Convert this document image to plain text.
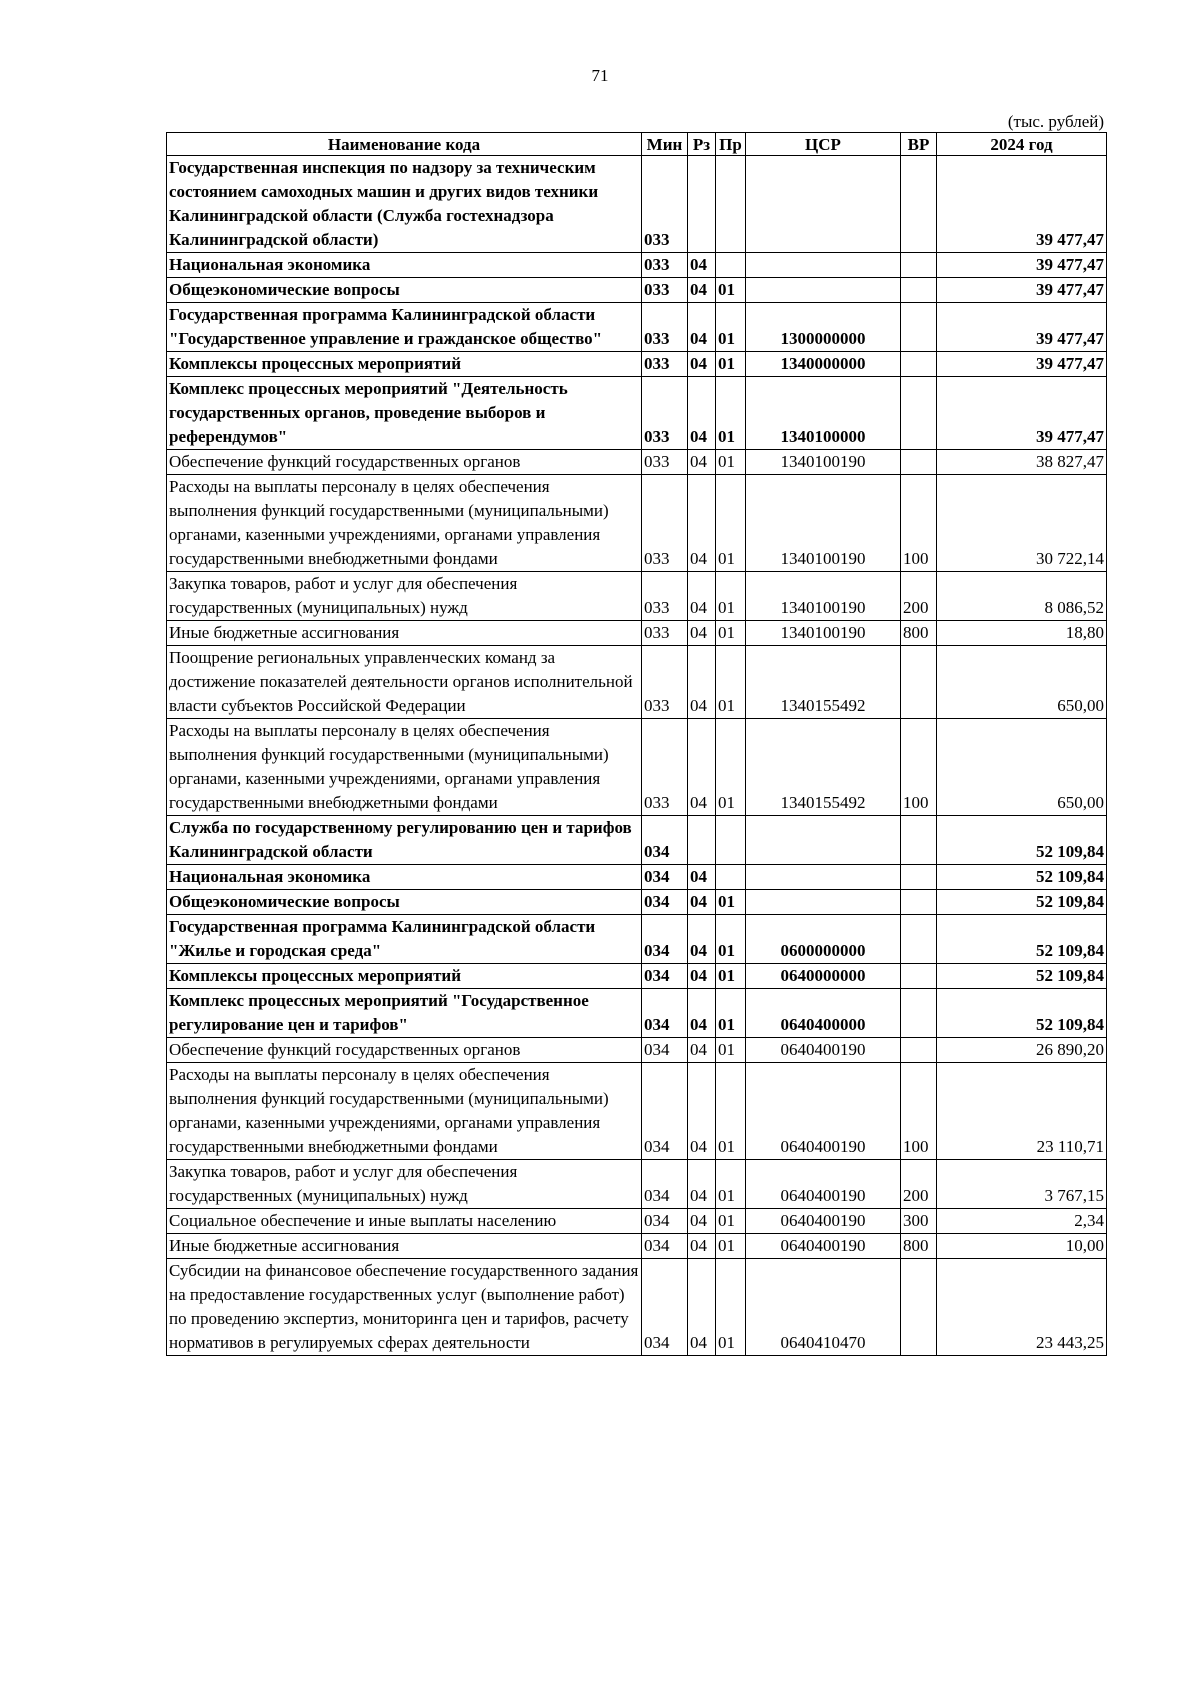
71
(тыс. рублей)
Наименование кода	Мин	Рз	Пр	ЦСР	ВР	2024 год
Государственная инспекция по надзору за техническим состоянием самоходных машин и других видов техники Калининградской области (Служба гостехнадзора Калининградской области)	033					39 477,47
Национальная экономика	033	04				39 477,47
Общеэкономические вопросы	033	04	01			39 477,47
Государственная программа Калининградской области "Государственное управление и гражданское общество"	033	04	01	1300000000		39 477,47
Комплексы процессных мероприятий	033	04	01	1340000000		39 477,47
Комплекс процессных мероприятий "Деятельность государственных органов, проведение выборов и референдумов"	033	04	01	1340100000		39 477,47
Обеспечение функций государственных органов	033	04	01	1340100190		38 827,47
Расходы на выплаты персоналу в целях обеспечения выполнения функций государственными (муниципальными) органами, казенными учреждениями, органами управления государственными внебюджетными фондами	033	04	01	1340100190	100	30 722,14
Закупка товаров, работ и услуг для обеспечения государственных (муниципальных) нужд	033	04	01	1340100190	200	8 086,52
Иные бюджетные ассигнования	033	04	01	1340100190	800	18,80
Поощрение региональных управленческих команд за достижение показателей деятельности органов исполнительной власти субъектов Российской Федерации	033	04	01	1340155492		650,00
Расходы на выплаты персоналу в целях обеспечения выполнения функций государственными (муниципальными) органами, казенными учреждениями, органами управления государственными внебюджетными фондами	033	04	01	1340155492	100	650,00
Служба по государственному регулированию цен и тарифов Калининградской области	034					52 109,84
Национальная экономика	034	04				52 109,84
Общеэкономические вопросы	034	04	01			52 109,84
Государственная программа Калининградской области "Жилье и городская среда"	034	04	01	0600000000		52 109,84
Комплексы процессных мероприятий	034	04	01	0640000000		52 109,84
Комплекс процессных мероприятий "Государственное регулирование цен и тарифов"	034	04	01	0640400000		52 109,84
Обеспечение функций государственных органов	034	04	01	0640400190		26 890,20
Расходы на выплаты персоналу в целях обеспечения выполнения функций государственными (муниципальными) органами, казенными учреждениями, органами управления государственными внебюджетными фондами	034	04	01	0640400190	100	23 110,71
Закупка товаров, работ и услуг для обеспечения государственных (муниципальных) нужд	034	04	01	0640400190	200	3 767,15
Социальное обеспечение и иные выплаты населению	034	04	01	0640400190	300	2,34
Иные бюджетные ассигнования	034	04	01	0640400190	800	10,00
Субсидии на финансовое обеспечение государственного задания на предоставление государственных услуг (выполнение работ) по проведению экспертиз, мониторинга цен и тарифов, расчету нормативов в регулируемых сферах деятельности	034	04	01	0640410470		23 443,25
